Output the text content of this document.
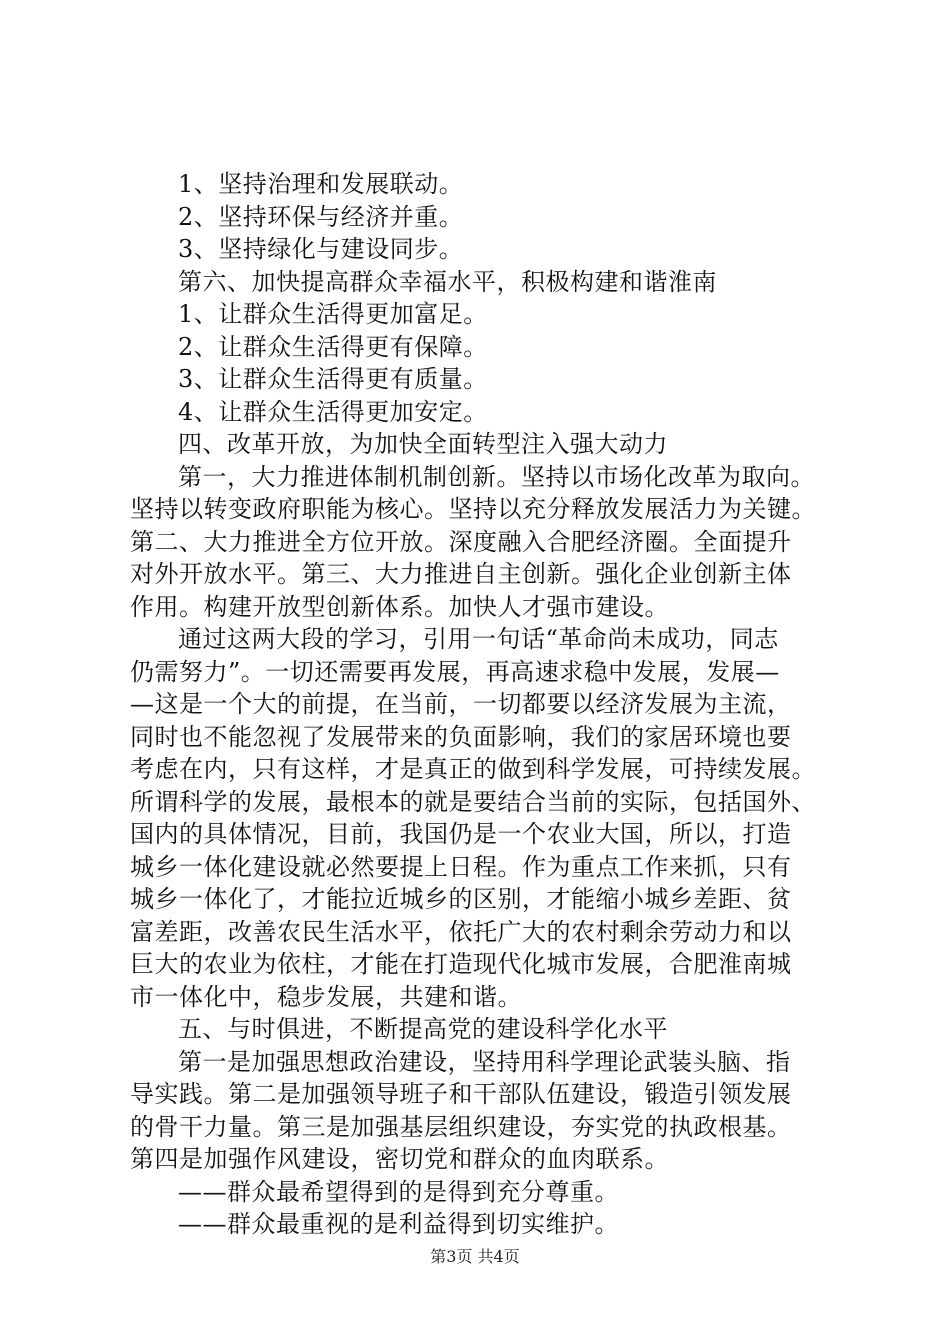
1、坚持治理和发展联动。
2、坚持环保与经济并重。
3、坚持绿化与建设同步。
第六、加快提高群众幸福水平，积极构建和谐淮南
1、让群众生活得更加富足。
2、让群众生活得更有保障。
3、让群众生活得更有质量。
4、让群众生活得更加安定。
四、改革开放，为加快全面转型注入强大动力
第一，大力推进体制机制创新。坚持以市场化改革为取向。
坚持以转变政府职能为核心。坚持以充分释放发展活力为关键。
第二、大力推进全方位开放。深度融入合肥经济圈。全面提升
对外开放水平。第三、大力推进自主创新。强化企业创新主体
作用。构建开放型创新体系。加快人才强市建设。
通过这两大段的学习，引用一句话“革命尚未成功，同志
仍需努力”。一切还需要再发展，再高速求稳中发展，发展—
—这是一个大的前提，在当前，一切都要以经济发展为主流，
同时也不能忽视了发展带来的负面影响，我们的家居环境也要
考虑在内，只有这样，才是真正的做到科学发展，可持续发展。
所谓科学的发展，最根本的就是要结合当前的实际，包括国外、
国内的具体情况，目前，我国仍是一个农业大国，所以，打造
城乡一体化建设就必然要提上日程。作为重点工作来抓，只有
城乡一体化了，才能拉近城乡的区别，才能缩小城乡差距、贫
富差距，改善农民生活水平，依托广大的农村剩余劳动力和以
巨大的农业为依柱，才能在打造现代化城市发展，合肥淮南城
市一体化中，稳步发展，共建和谐。
五、与时俱进，不断提高党的建设科学化水平
第一是加强思想政治建设，坚持用科学理论武装头脑、指
导实践。第二是加强领导班子和干部队伍建设，锻造引领发展
的骨干力量。第三是加强基层组织建设，夯实党的执政根基。
第四是加强作风建设，密切党和群众的血肉联系。
——群众最希望得到的是得到充分尊重。
——群众最重视的是利益得到切实维护。
第3页 共4页
